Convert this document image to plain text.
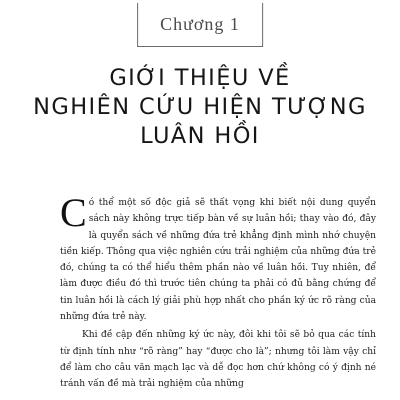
Chương 1
GIỚI THIỆU VỀ
NGHIÊN CỨU HIỆN TƯỢNG
LUÂN HỒI

Có thể một số độc giả sẽ thất vọng khi biết nội dung quyển sách này không trực tiếp bàn về sự luân hồi; thay vào đó, đây là quyển sách về những đứa trẻ khẳng định mình nhớ chuyện tiền kiếp. Thông qua việc nghiên cứu trải nghiệm của những đứa trẻ đó, chúng ta có thể hiểu thêm phần nào về luân hồi. Tuy nhiên, để làm được điều đó thì trước tiên chúng ta phải có đủ bằng chứng để tin luân hồi là cách lý giải phù hợp nhất cho phần ký ức rõ ràng của những đứa trẻ này.

Khi đề cập đến những ký ức này, đôi khi tôi sẽ bỏ qua các tính từ định tính như “rõ ràng” hay “được cho là”; nhưng tôi làm vậy chỉ để làm cho câu văn mạch lạc và dễ đọc hơn chứ không có ý định né tránh vấn đề mà trải nghiệm của những
